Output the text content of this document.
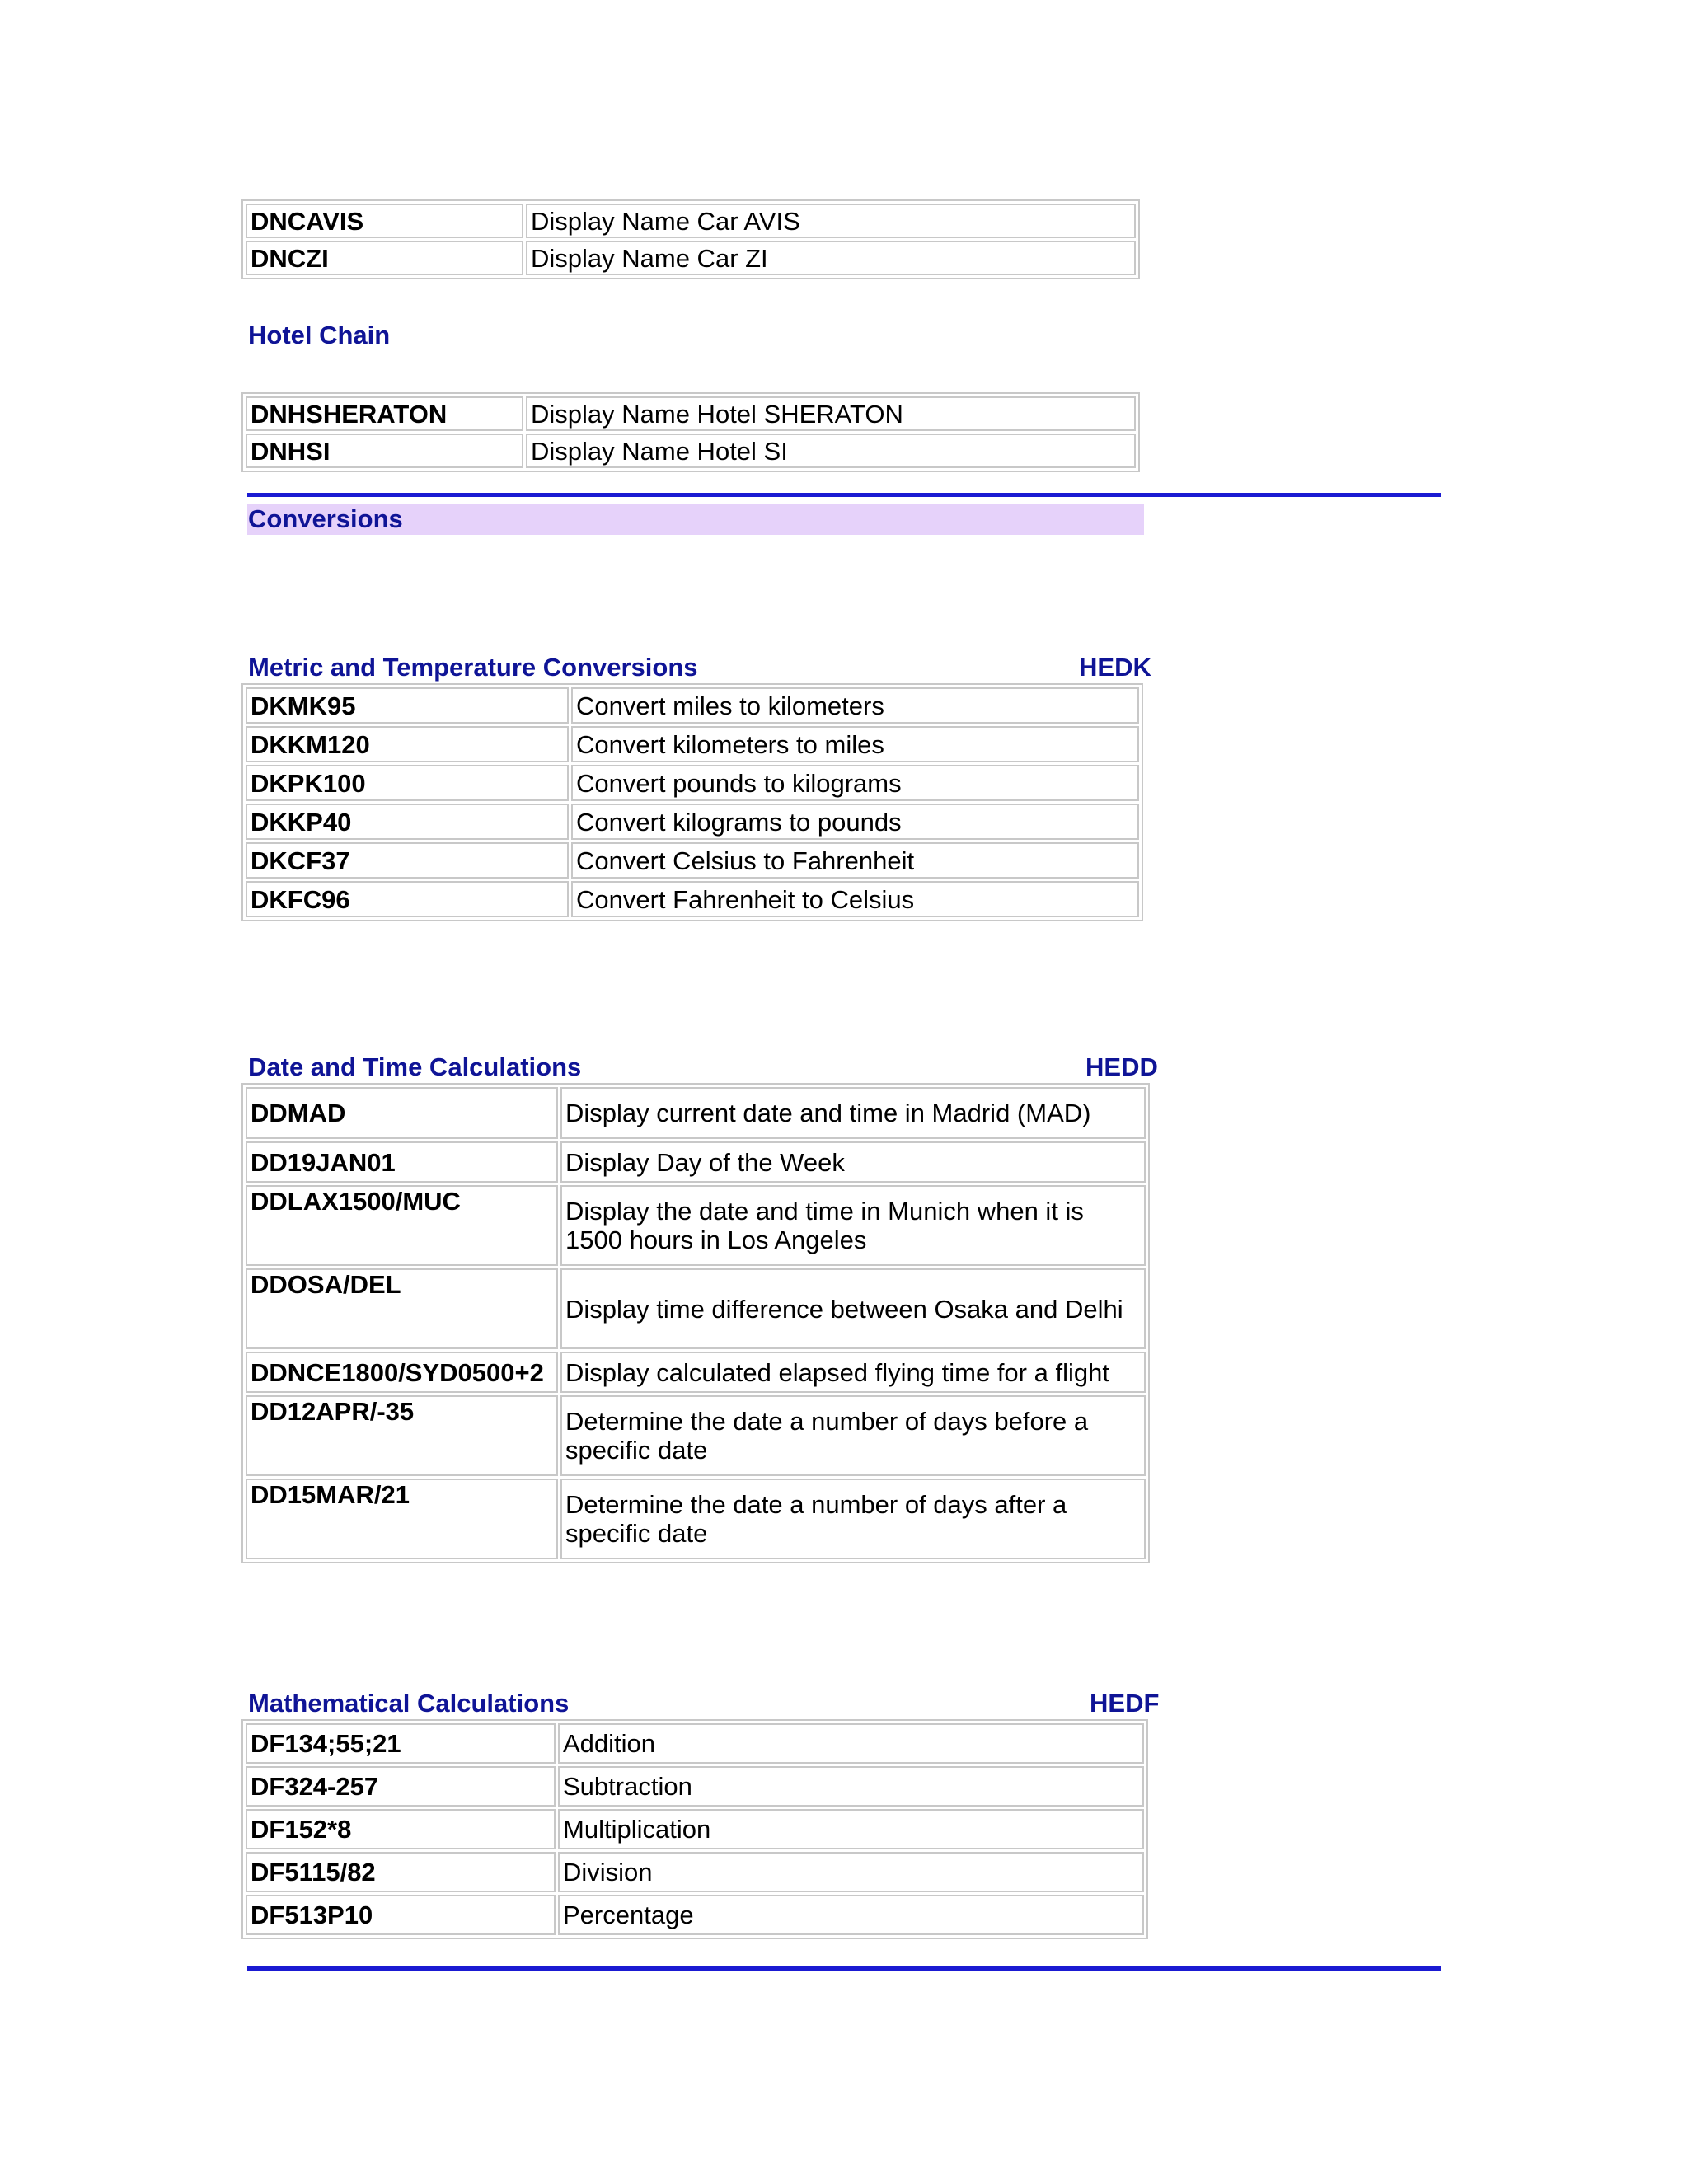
DNCAVIS	Display Name Car AVIS
DNCZI	Display Name Car ZI
Hotel Chain
DNHSHERATON	Display Name Hotel SHERATON
DNHSI	Display Name Hotel SI
Conversions
Metric and Temperature Conversions	HEDK
DKMK95	Convert miles to kilometers
DKKM120	Convert kilometers to miles
DKPK100	Convert pounds to kilograms
DKKP40	Convert kilograms to pounds
DKCF37	Convert Celsius to Fahrenheit
DKFC96	Convert Fahrenheit to Celsius
Date and Time Calculations	HEDD
DDMAD	Display current date and time in Madrid (MAD)
DD19JAN01	Display Day of the Week
DDLAX1500/MUC	Display the date and time in Munich when it is 1500 hours in Los Angeles
DDOSA/DEL	Display time difference between Osaka and Delhi
DDNCE1800/SYD0500+2	Display calculated elapsed flying time for a flight
DD12APR/-35	Determine the date a number of days before a specific date
DD15MAR/21	Determine the date a number of days after a specific date
Mathematical Calculations	HEDF
DF134;55;21	Addition
DF324-257	Subtraction
DF152*8	Multiplication
DF5115/82	Division
DF513P10	Percentage
